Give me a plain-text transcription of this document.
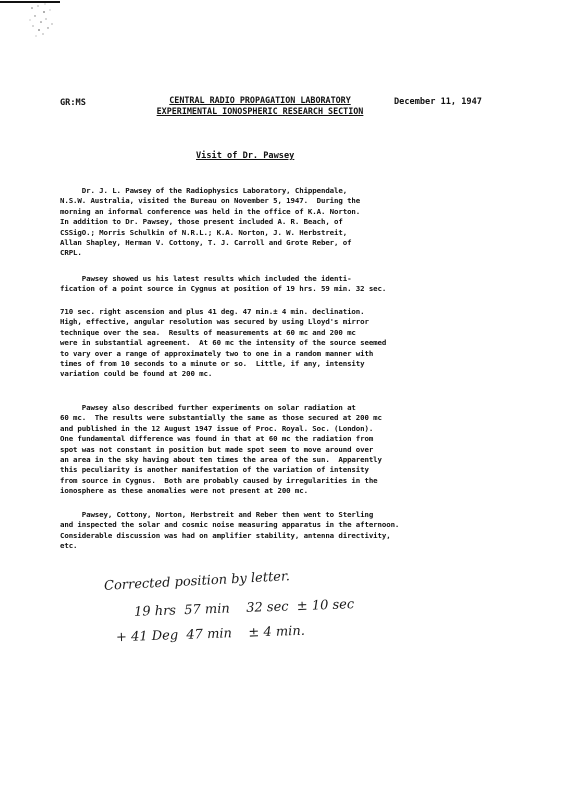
GR:MS	CENTRAL RADIO PROPAGATION LABORATORY
EXPERIMENTAL IONOSPHERIC RESEARCH SECTION
December 11, 1947
Visit of Dr. Pawsey
Dr. J. L. Pawsey of the Radiophysics Laboratory, Chippendale,
N.S.W. Australia, visited the Bureau on November 5, 1947.  During the
morning an informal conference was held in the office of K.A. Norton.
In addition to Dr. Pawsey, those present included A. R. Beach, of
CSSigO.; Morris Schulkin of N.R.L.; K.A. Norton, J. W. Herbstreit,
Allan Shapley, Herman V. Cottony, T. J. Carroll and Grote Reber, of
CRPL.
Pawsey showed us his latest results which included the identi-
fication of a point source in Cygnus at position of 19 hrs. 59 min. 32 sec.
710 sec. right ascension and plus 41 deg. 47 min.± 4 min. declination.
High, effective, angular resolution was secured by using Lloyd's mirror
technique over the sea.  Results of measurements at 60 mc and 200 mc
were in substantial agreement.  At 60 mc the intensity of the source seemed
to vary over a range of approximately two to one in a random manner with
times of from 10 seconds to a minute or so.  Little, if any, intensity
variation could be found at 200 mc.
Pawsey also described further experiments on solar radiation at
60 mc.  The results were substantially the same as those secured at 200 mc
and published in the 12 August 1947 issue of Proc. Royal. Soc. (London).
One fundamental difference was found in that at 60 mc the radiation from
spot was not constant in position but made spot seem to move around over
an area in the sky having about ten times the area of the sun.  Apparently
this peculiarity is another manifestation of the variation of intensity
from source in Cygnus.  Both are probably caused by irregularities in the
ionosphere as these anomalies were not present at 200 mc.
Pawsey, Cottony, Norton, Herbstreit and Reber then went to Sterling
and inspected the solar and cosmic noise measuring apparatus in the afternoon.
Considerable discussion was had on amplifier stability, antenna directivity,
etc.
Corrected position by letter.
19 hrs  57 min    32 sec  ± 10 sec
+ 41 Deg  47 min    ± 4 min.
